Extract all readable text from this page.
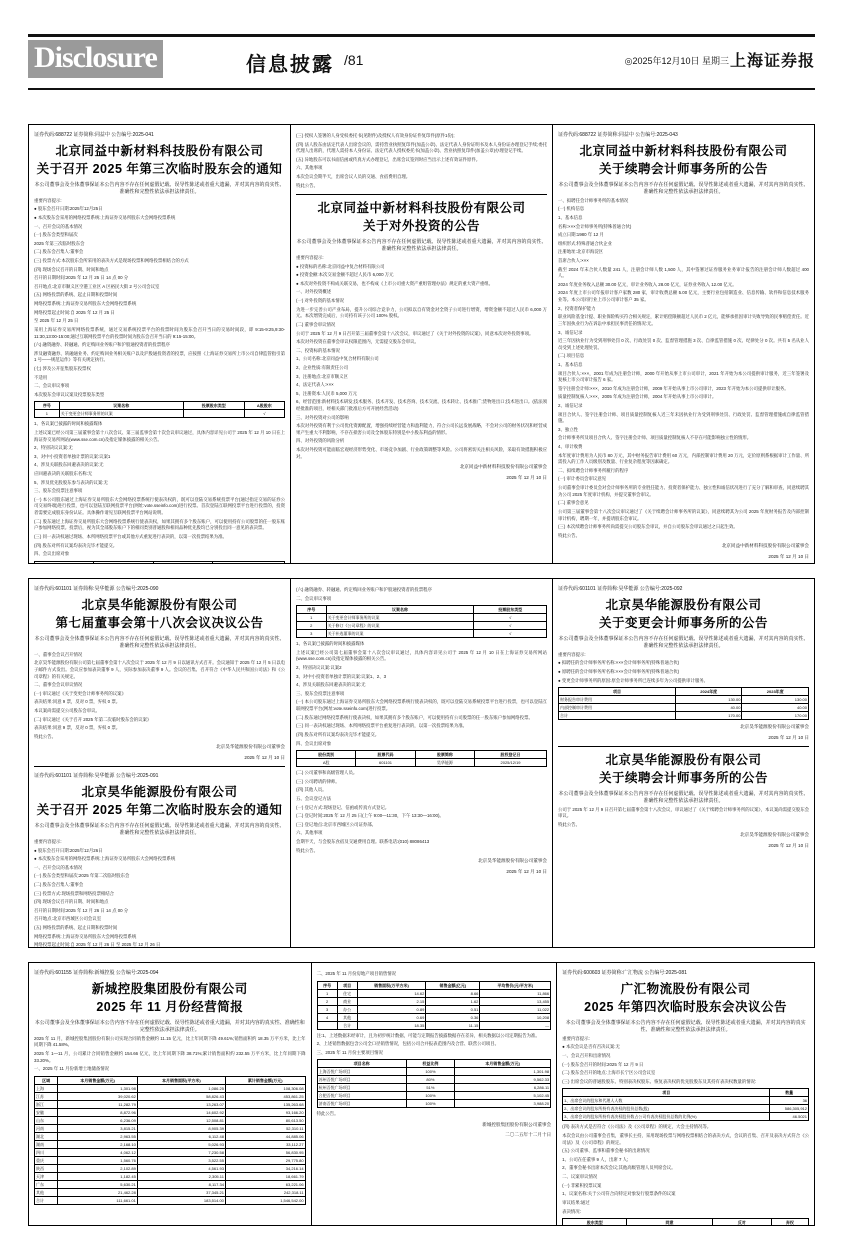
Disclosure	信息披露 /81	◎2025年12月10日 星期三 上海证券报
证券代码:688722 证券简称:同益中 公告编号:2025-041
北京同益中新材料科技股份有限公司
关于召开 2025 年第三次临时股东会的通知
本公司董事会及全体董事保证本公告内容不存在任何虚假记载、误导性陈述或者重大遗漏，并对其内容的真实性、准确性和完整性依法承担法律责任。
重要内容提示:
● 股东会召开日期:2025年12月25日
● 本次股东会采用的网络投票系统:上海证券交易所股东大会网络投票系统
一、召开会议的基本情况
(一) 股东会类型和届次
2025 年第三次临时股东会
(二) 股东会召集人:董事会
(三) 投票方式:本次股东会所采用的表决方式是现场投票和网络投票相结合的方式
(四) 现场会议召开的日期、时间和地点
召开的日期时间:2025 年 12 月 25 日 14 点 00 分
召开地点:北京市顺义区空港工业区 A 区裕民大街 2 号公司会议室
(五) 网络投票的系统、起止日期和投票时间
网络投票系统:上海证券交易所股东大会网络投票系统
网络投票起止时间:自 2025 年 12 月 25 日
至 2025 年 12 月 25 日
采用上海证券交易所网络投票系统，通过交易系统投票平台的投票时间为股东会召开当日的交易时间段，即 9:15-9:25,9:30-11:30,13:00-15:00;通过互联网投票平台的投票时间为股东会召开当日的 9:15-15:00。
(六) 融资融券、转融通、约定购回业务账户和沪股通投资者的投票程序
涉及融资融券、转融通业务、约定购回业务相关账户以及沪股通投资者的投票，应按照《上海证券交易所上市公司自律监管指引第 1 号——规范运作》等有关规定执行。
(七) 涉及公开征集股东投票权
不适用
二、会议审议事项
本次股东会审议议案及投票股东类型
序号	议案名称	投票股东类型	A股股东
1	关于变更会计师事务所的议案		√
1、各议案已披露的时间和披露媒体
上述议案已经公司第三届董事会第十八次会议、第三届监事会第十次会议审议通过，具体内容详见公司于 2025 年 12 月 10 日在上海证券交易所网站(www.sse.com.cn)及指定媒体披露的相关公告。
2、特别决议议案:无
3、对中小投资者单独计票的议案:议案1
4、涉及关联股东回避表决的议案:无
应回避表决的关联股东名称:无
5、涉及优先股股东参与表决的议案:无
三、股东会投票注意事项
(一) 本公司股东通过上海证券交易所股东大会网络投票系统行使表决权的，既可以登陆交易系统投票平台(通过指定交易的证券公司交易终端)进行投票，也可以登陆互联网投票平台(网址:vote.sseinfo.com)进行投票。首次登陆互联网投票平台进行投票的，投资者需要完成股东身份认证。具体操作请见互联网投票平台网站说明。
(二) 股东通过上海证券交易所股东大会网络投票系统行使表决权，如果其拥有多个股东账户，可以使用持有公司股票的任一股东账户参加网络投票。投票后，视为其全部股东账户下的相同类别普通股和相同品种优先股均已分别投出同一意见的表决票。
(三) 同一表决权通过现场、本所网络投票平台或其他方式重复进行表决的，以第一次投票结果为准。
(四) 股东对所有议案均表决完毕才能提交。
四、会议出席对象

(三) 授权人签署的人身受权委托书(见附件)及授权人有效身份证件复印件(原件1份);
(四) 法人股东由法定代表人出席会议的，需持营业执照复印件(加盖公章)、法定代表人身份证明书及本人身份证办理登记手续;委托代理人出席的，代理人需持本人身份证、法定代表人授权委托书(加盖公章)、营业执照复印件(加盖公章)办理登记手续。
(五) 异地股东可以书面信函或传真方式办理登记，出席会议签到时应当出示上述有效证件原件。
六、其他事项
本次会议会期半天，出席会议人员的交通、食宿费用自理。
特此公告。
北京同益中新材料科技股份有限公司
关于对外投资的公告
本公司董事会及全体董事保证本公告内容不存在任何虚假记载、误导性陈述或者重大遗漏，并对其内容的真实性、准确性和完整性依法承担法律责任。
重要内容提示:
● 投资标的名称:北京同益中复合材料有限公司
● 投资金额:本次交易金额不超过人民币 6,000 万元
● 本次对外投资不构成关联交易，也不构成《上市公司重大资产重组管理办法》规定的重大资产重组。
一、对外投资概述
(一) 对外投资的基本情况
为进一步完善公司产业布局，提升公司综合竞争力，公司拟以自有资金对全资子公司进行增资，增资金额不超过人民币 6,000 万元。本次增资完成后，公司持有该子公司 100% 股权。
(二) 董事会审议情况
公司于 2025 年 12 月 9 日召开第三届董事会第十八次会议，审议通过了《关于对外投资的议案》，同意本次对外投资事项。
本次对外投资在董事会审议权限范围内，无需提交股东会审议。
二、投资标的基本情况
1、公司名称:北京同益中复合材料有限公司
2、企业性质:有限责任公司
3、注册地点:北京市顺义区
4、法定代表人:×××
5、注册资本:人民币 5,000 万元
6、经营范围:新材料技术研发;技术服务、技术开发、技术咨询、技术交流、技术转让、技术推广;货物进出口;技术进出口。(依法须经批准的项目，经相关部门批准后方可开展经营活动)
三、对外投资对公司的影响
本次对外投资有利于公司优化资源配置，增强持续经营能力和盈利能力，符合公司长远发展战略，不会对公司的财务状况和经营成果产生重大不利影响，不存在损害公司及全体股东特别是中小股东利益的情形。
四、对外投资的风险分析
本次对外投资可能面临宏观经济形势变化、市场竞争加剧、行业政策调整等风险。公司将密切关注相关风险，采取有效措施积极应对。
北京同益中新材料科技股份有限公司董事会
2025 年 12 月 10 日
证券代码:688722 证券简称:同益中 公告编号:2025-043
北京同益中新材料科技股份有限公司
关于续聘会计师事务所的公告
本公司董事会及全体董事保证本公告内容不存在任何虚假记载、误导性陈述或者重大遗漏，并对其内容的真实性、准确性和完整性依法承担法律责任。
一、拟聘任会计师事务所的基本情况
(一) 机构信息
1、基本信息
名称:×××会计师事务所(特殊普通合伙)
成立日期:1980 年 12 月
组织形式:特殊普通合伙企业
注册地址:北京市海淀区
首席合伙人:×××
截至 2024 年末合伙人数量 241 人，注册会计师人数 1,500 人，其中签署过证券服务业务审计报告的注册会计师人数超过 400 人。
2024 年度业务收入总额 30.00 亿元，审计业务收入 28.00 亿元，证券业务收入 12.00 亿元。
2024 年度上市公司年报审计客户家数 280 家，审计收费总额 5.00 亿元，主要行业包括制造业、信息传输、软件和信息技术服务业等。本公司同行业上市公司审计客户 35 家。
2、投资者保护能力
职业风险基金计提、职业保险购买符合相关规定，累计赔偿限额超过人民币 2 亿元，能够承担因审计失败导致的民事赔偿责任。近三年因执业行为在诉讼中承担民事责任的情况:无。
3、诚信记录
近三年因执业行为受到刑事处罚 0 次、行政处罚 0 次、监督管理措施 3 次、自律监管措施 0 次、纪律处分 0 次。共有 5 名从业人员受到上述处理处罚。
(二) 项目信息
1、基本信息
项目合伙人:×××，2001 年成为注册会计师，2000 年开始从事上市公司审计，2021 年开始为本公司提供审计服务，近三年签署及复核上市公司审计报告 6 家。
签字注册会计师:×××，2010 年成为注册会计师，2009 年开始从事上市公司审计，2023 年开始为本公司提供审计服务。
质量控制复核人:×××，2005 年成为注册会计师，2004 年开始从事上市公司审计。
2、诚信记录
项目合伙人、签字注册会计师、项目质量控制复核人近三年未因执业行为受到刑事处罚、行政处罚、监督管理措施或自律监管措施。
3、独立性
会计师事务所及项目合伙人、签字注册会计师、项目质量控制复核人不存在可能影响独立性的情形。
4、审计收费
本年度审计费用为人民币 80 万元，其中财务报告审计费用 60 万元，内部控制审计费用 20 万元，定价原则系根据审计工作量、所需投入的工作人员级别及数量、行业复杂程度等因素确定。
二、拟续聘会计师事务所履行的程序
(一) 审计委员会审议意见
公司董事会审计委员会对会计师事务所的专业胜任能力、投资者保护能力、独立性和诚信状况进行了充分了解和审查，同意续聘其为公司 2025 年度审计机构，并提交董事会审议。
(二) 董事会意见
公司第三届董事会第十八次会议审议通过了《关于续聘会计师事务所的议案》，同意续聘其为公司 2025 年度财务报告及内部控制审计机构，聘期一年，并提请股东会审议。
(三) 本次续聘会计师事务所尚需提交公司股东会审议，并自公司股东会审议通过之日起生效。
特此公告。
北京同益中新材料科技股份有限公司董事会
2025 年 12 月 10 日
证券代码:601101 证券简称:昊华能源 公告编号:2025-090
北京昊华能源股份有限公司
第七届董事会第十八次会议决议公告
本公司董事会及全体董事保证本公告内容不存在任何虚假记载、误导性陈述或者重大遗漏，并对其内容的真实性、准确性和完整性依法承担法律责任。
一、董事会会议召开情况
北京昊华能源股份有限公司第七届董事会第十八次会议于 2025 年 12 月 9 日以通讯方式召开。会议通知于 2025 年 12 月 5 日以电子邮件方式发出。会议应参加表决董事 9 人，实际参加表决董事 9 人。会议的召集、召开符合《中华人民共和国公司法》和《公司章程》的有关规定。
二、董事会会议审议情况
(一) 审议通过《关于变更会计师事务所的议案》
表决结果:同意 9 票，反对 0 票，弃权 0 票。
本议案尚需提交公司股东会审议。
(二) 审议通过《关于召开 2025 年第二次临时股东会的议案》
表决结果:同意 9 票，反对 0 票，弃权 0 票。
特此公告。
北京昊华能源股份有限公司董事会
2025 年 12 月 10 日
证券代码:601101 证券简称:昊华能源 公告编号:2025-091
北京昊华能源股份有限公司
关于召开 2025 年第二次临时股东会的通知
本公司董事会及全体董事保证本公告内容不存在任何虚假记载、误导性陈述或者重大遗漏，并对其内容的真实性、准确性和完整性依法承担法律责任。
重要内容提示:
● 股东会召开日期:2025年12月26日
● 本次股东会采用的网络投票系统:上海证券交易所股东大会网络投票系统
一、召开会议的基本情况
(一) 股东会类型和届次:2025 年第二次临时股东会
(二) 股东会召集人:董事会
(三) 投票方式:现场投票和网络投票相结合
(四) 现场会议召开的日期、时间和地点
召开的日期时间:2025 年 12 月 26 日 14 点 00 分
召开地点:北京市西城区公司会议室
(五) 网络投票的系统、起止日期和投票时间
网络投票系统:上海证券交易所股东大会网络投票系统
网络投票起止时间:自 2025 年 12 月 26 日 至 2025 年 12 月 26 日
(六) 融资融券、转融通、约定购回业务账户和沪股通投资者的投票程序
二、会议审议事项
序号	议案名称	投票股东类型
1	关于变更会计师事务所的议案	√
2	关于修订《公司章程》的议案	√
3	关于补选董事的议案	√
1、各议案已披露的时间和披露媒体
上述议案已经公司第七届董事会第十八次会议审议通过，具体内容详见公司于 2025 年 12 月 10 日在上海证券交易所网站(www.sse.com.cn)及指定媒体披露的相关公告。
2、特别决议议案:议案2
3、对中小投资者单独计票的议案:议案1、2、3
4、涉及关联股东回避表决的议案:无
三、股东会投票注意事项
(一) 本公司股东通过上海证券交易所股东大会网络投票系统行使表决权的，既可以登陆交易系统投票平台进行投票，也可以登陆互联网投票平台(网址:vote.sseinfo.com)进行投票。
(二) 股东通过网络投票系统行使表决权，如果其拥有多个股东账户，可以使用持有公司股票的任一股东账户参加网络投票。
(三) 同一表决权通过现场、本所网络投票平台重复进行表决的，以第一次投票结果为准。
(四) 股东对所有议案均表决完毕才能提交。
四、会议出席对象
股份类别	股票代码	股票简称	股权登记日
A股	601101	昊华能源	2025/12/19
(二) 公司董事和高级管理人员。
(三) 公司聘请的律师。
(四) 其他人员。
五、会议登记方法
(一) 登记方式:现场登记、信函或传真方式登记。
(二) 登记时间:2025 年 12 月 25 日(上午 9:00—11:30，下午 13:30—16:00)。
(三) 登记地点:北京市西城区公司证券部。
六、其他事项
会期半天，与会股东食宿及交通费用自理。联系电话:(010) 88086413
特此公告。
北京昊华能源股份有限公司董事会
2025 年 12 月 10 日
证券代码:601101 证券简称:昊华能源 公告编号:2025-092
北京昊华能源股份有限公司
关于变更会计师事务所的公告
本公司董事会及全体董事保证本公告内容不存在任何虚假记载、误导性陈述或者重大遗漏，并对其内容的真实性、准确性和完整性依法承担法律责任。
重要内容提示:
● 拟聘任的会计师事务所名称:×××会计师事务所(特殊普通合伙)
● 原聘任的会计师事务所名称:×××会计师事务所(特殊普通合伙)
● 变更会计师事务所的原因:原会计师事务所已连续多年为公司提供审计服务。
项目	2024年度	2023年度
财务报告审计费用	130.00	130.00
内部控制审计费用	40.00	40.00
合计	170.00	170.00
北京昊华能源股份有限公司董事会
2025 年 12 月 10 日
北京昊华能源股份有限公司
关于续聘会计师事务所的公告
本公司董事会及全体董事保证本公告内容不存在任何虚假记载、误导性陈述或者重大遗漏，并对其内容的真实性、准确性和完整性依法承担法律责任。
公司于 2025 年 12 月 9 日召开第七届董事会第十八次会议，审议通过了《关于续聘会计师事务所的议案》，本议案尚需提交股东会审议。
特此公告。
北京昊华能源股份有限公司董事会
2025 年 12 月 10 日
证券代码:601155 证券简称:新城控股 公告编号:2025-094
新城控股集团股份有限公司
2025 年 11 月份经营简报
本公司董事会及全体董事保证本公告内容不存在任何虚假记载、误导性陈述或者重大遗漏，并对其内容的真实性、准确性和完整性依法承担法律责任。
2025 年 11 月，新城控股集团股份有限公司实现合同销售金额约 11.15 亿元，比上年同期下降 49.61%;销售面积约 18.35 万平方米，比上年同期下降 41.58%。
2025 年 1—11 月，公司累计合同销售金额约 154.66 亿元，比上年同期下降 38.71%;累计销售面积约 232.55 万平方米，比上年同期下降 33.20%。
一、2025 年 11 月份新增土地储备情况
区域	本月销售金额(万元)	本月销售面积(平方米)	累计销售金额(万元)
上海	1,301.98	1,086.25	108,306.08
江苏	39,020.62	58,826.43	453,861.25
浙江	11,282.79	13,263.07	135,263.68
安徽	8,872.96	14,602.92	93,166.20
山东	6,236.09	12,508.81	80,613.50
河南	3,815.21	8,905.39	52,310.11
湖北	2,963.55	6,112.48	44,885.06
湖南	2,168.10	5,026.93	33,112.27
四川	4,062.12	7,230.58	56,830.95
重庆	1,560.76	3,522.55	29,775.80
陕西	2,102.89	4,561.93	34,216.14
天津	1,182.45	2,305.11	18,661.79
广东	5,630.21	8,117.34	63,221.06
其他	21,462.28	37,345.21	242,318.11
合计	111,661.01	183,514.00	1,546,542.00
二、2025 年 11 月份房地产项目销售情况
序号	项目	销售面积(万平方米)	销售金额(亿元)	平均售价(元/平方米)
1	住宅	14.62	8.66	11,866
2	商业	2.15	1.62	13,455
3	办公	0.89	0.51	11,022
4	其他	0.69	0.36	10,208
	合计	18.35	11.15	—
注:1、上述数据未经审计，且为初步统计数据，可能与定期报告披露数据存在差异，相关数据以公司定期报告为准。
2、上述销售数据包含公司全口径销售情况，包括公司合并报表范围内及合营、联营公司项目。
三、2025 年 11 月份主要项目情况
项目名称	权益比例	本月销售金额(万元)
上海吾悦广场项目	100%	1,301.98
苏州吾悦广场项目	80%	9,562.33
杭州吾悦广场项目	51%	6,286.11
合肥吾悦广场项目	100%	5,102.45
济南吾悦广场项目	100%	3,988.20
特此公告。
新城控股集团股份有限公司董事会
二〇二五年十二月十日
证券代码:600603 证券简称:广汇物流 公告编号:2025-081
广汇物流股份有限公司
2025 年第四次临时股东会决议公告
本公司董事会及全体董事保证本公告内容不存在任何虚假记载、误导性陈述或者重大遗漏，并对其内容的真实性、准确性和完整性依法承担法律责任。
重要内容提示:
● 本次会议是否有否决议案:无
一、会议召开和出席情况
(一) 股东会召开的时间:2025 年 12 月 9 日
(二) 股东会召开的地点:上海市长宁区公司会议室
(三) 出席会议的普通股股东、特别表决权股东、恢复表决权的优先股股东及其持有表决权数量的情况:
项目	数量
1、出席会议的股东和代理人人数	36
2、出席会议的股东所持有表决权的股份总数(股)	586,305,912
3、出席会议的股东所持有表决权股份数占公司有表决权股份总数的比例(%)	46.5021
(四) 表决方式是否符合《公司法》及《公司章程》的规定，大会主持情况等。
本次会议由公司董事会召集，董事长主持，采用现场投票与网络投票相结合的表决方式，会议的召集、召开及表决方式符合《公司法》及《公司章程》的规定。
(五) 公司董事、监事和董事会秘书的出席情况
1、公司在任董事 9 人，出席 7 人;
2、董事会秘书出席本次会议;其他高级管理人员列席会议。
二、议案审议情况
(一) 非累积投票议案
1、议案名称:关于公司符合向特定对象发行股票条件的议案
审议结果:通过
表决情况:
股东类型	同意	反对	弃权
